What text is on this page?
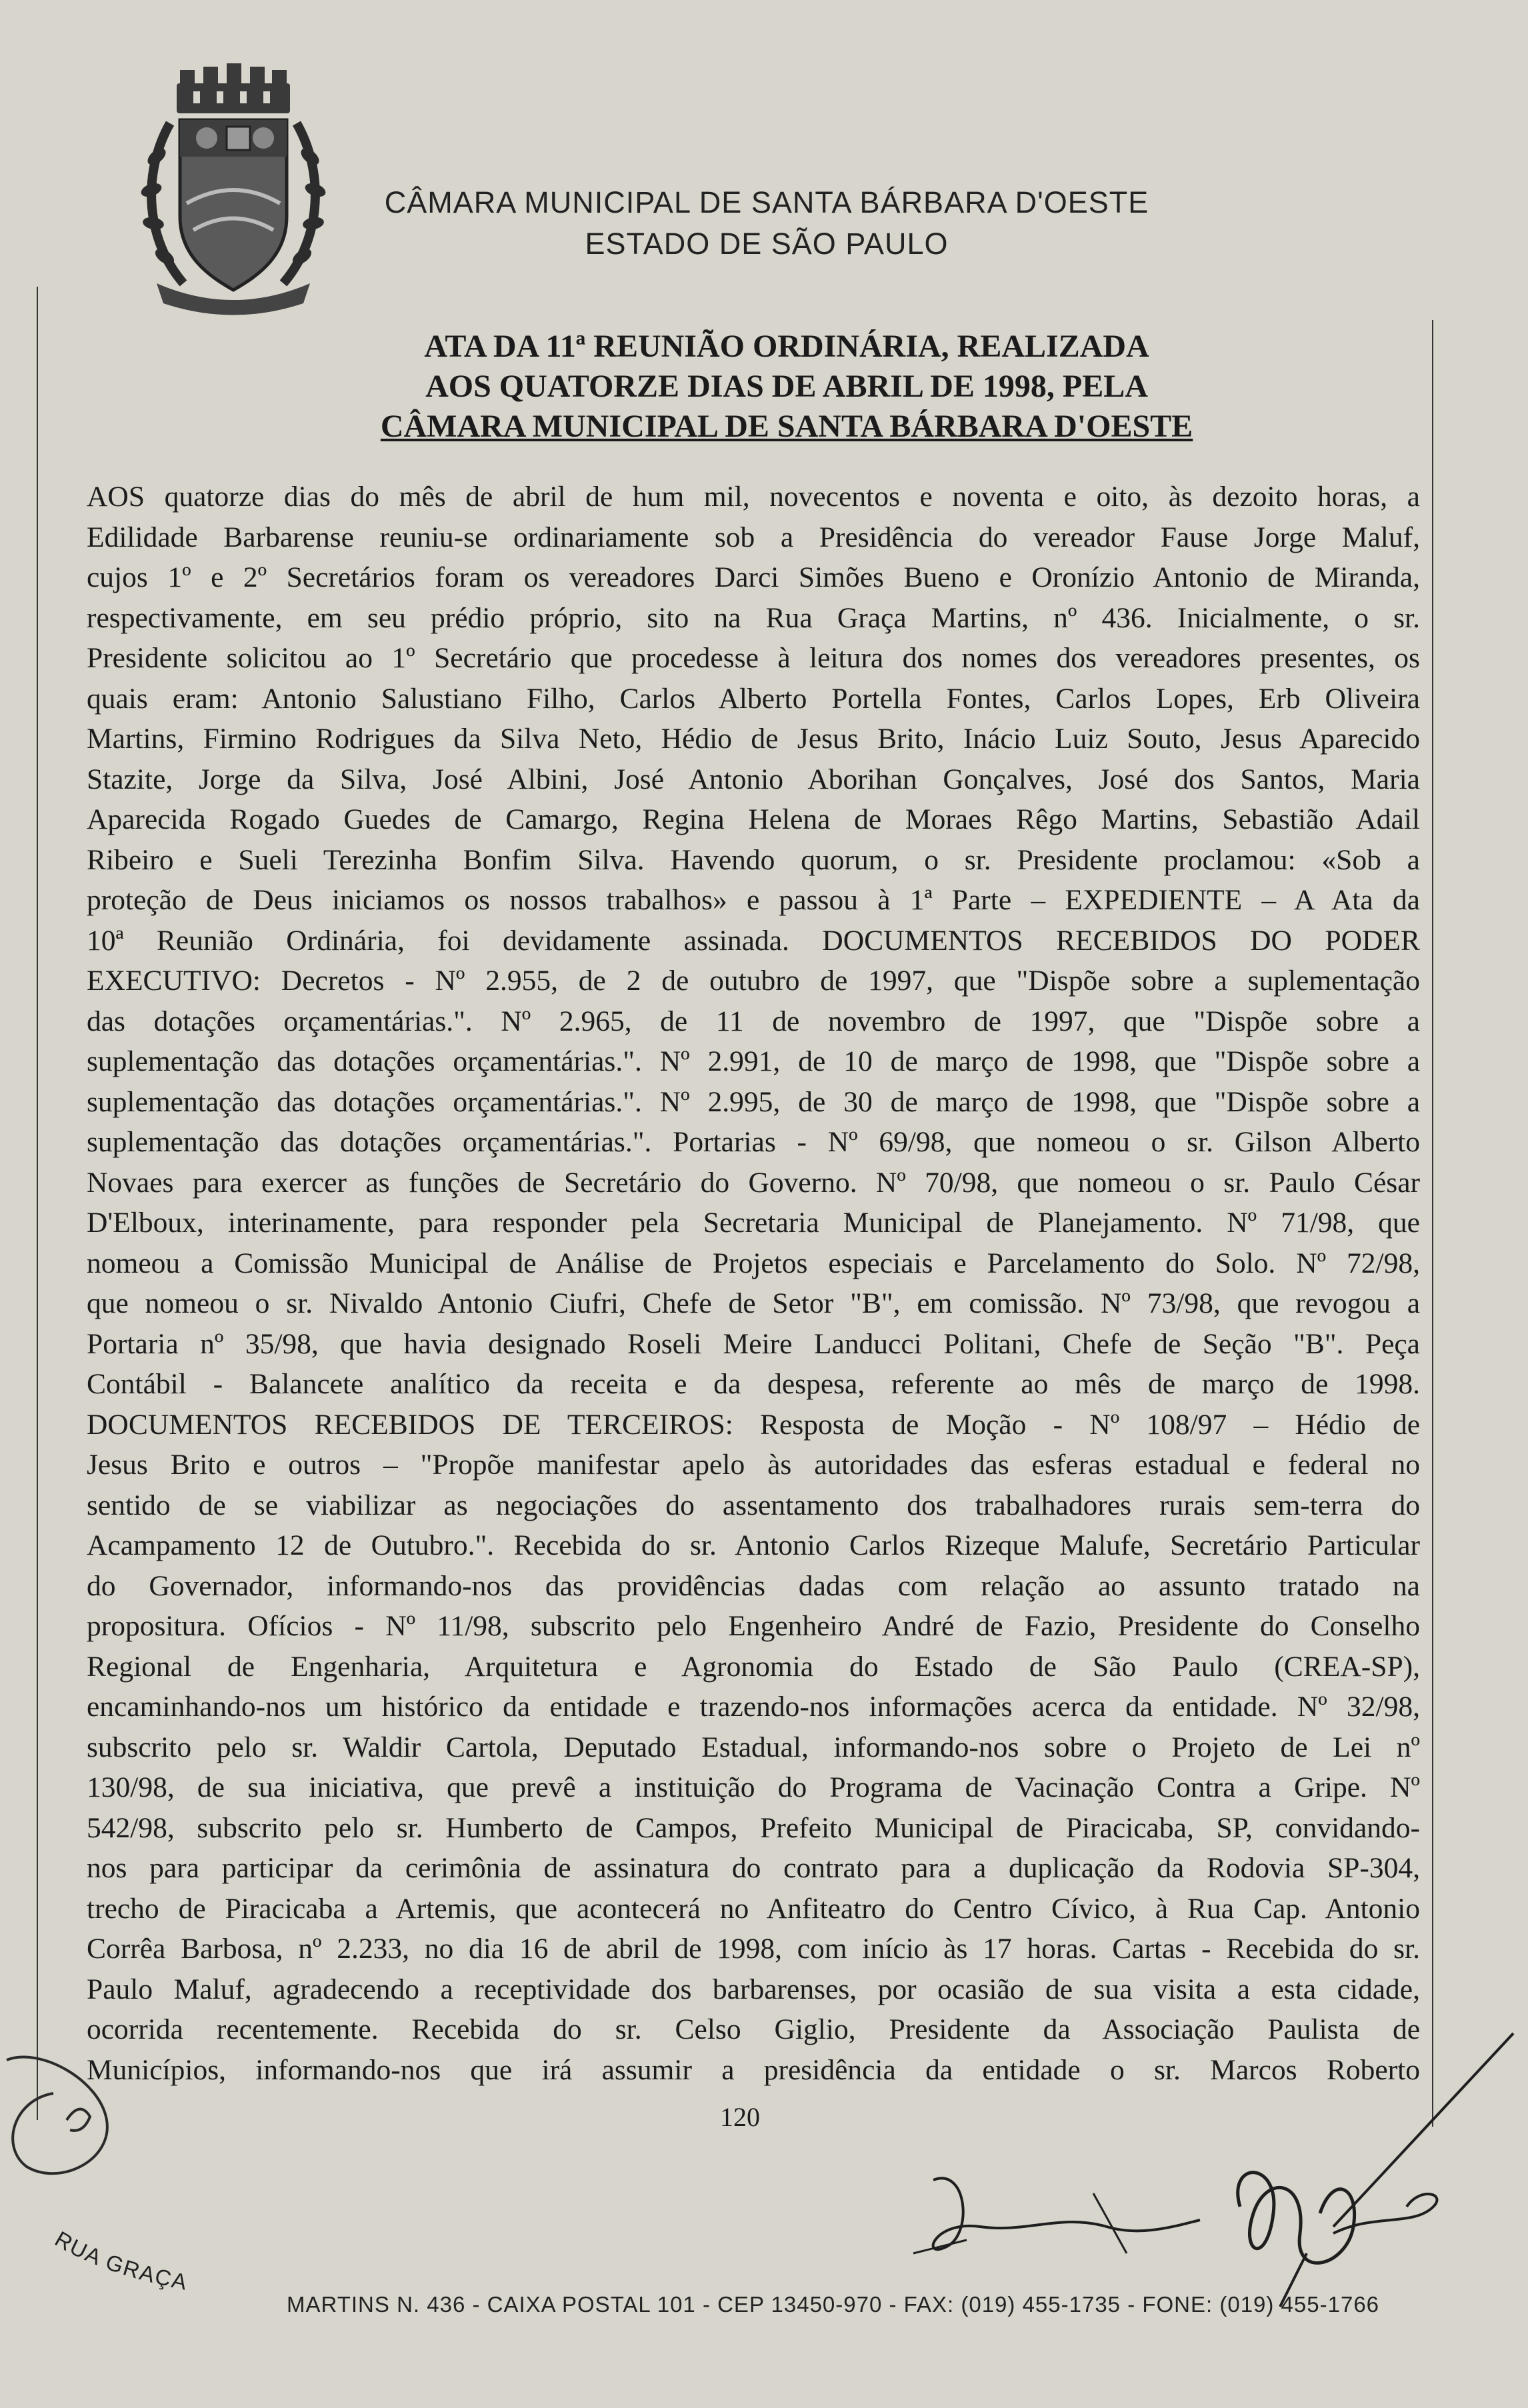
CÂMARA MUNICIPAL DE SANTA BÁRBARA D'OESTE
ESTADO DE SÃO PAULO
ATA DA 11ª REUNIÃO ORDINÁRIA, REALIZADA
AOS QUATORZE DIAS DE ABRIL DE 1998, PELA
CÂMARA MUNICIPAL DE SANTA BÁRBARA D'OESTE

AOS quatorze dias do mês de abril de hum mil, novecentos e noventa e oito, às dezoito horas, a

Edilidade Barbarense reuniu-se ordinariamente sob a Presidência do vereador Fause Jorge Maluf,

cujos 1º e 2º Secretários foram os vereadores Darci Simões Bueno e Oronízio Antonio de Miranda,

respectivamente, em seu prédio próprio, sito na Rua Graça Martins, nº 436. Inicialmente, o sr.

Presidente solicitou ao 1º Secretário que procedesse à leitura dos nomes dos vereadores presentes, os

quais eram: Antonio Salustiano Filho, Carlos Alberto Portella Fontes, Carlos Lopes, Erb Oliveira

Martins, Firmino Rodrigues da Silva Neto, Hédio de Jesus Brito, Inácio Luiz Souto, Jesus Aparecido

Stazite, Jorge da Silva, José Albini, José Antonio Aborihan Gonçalves, José dos Santos, Maria

Aparecida Rogado Guedes de Camargo, Regina Helena de Moraes Rêgo Martins, Sebastião Adail

Ribeiro e Sueli Terezinha Bonfim Silva. Havendo quorum, o sr. Presidente proclamou: «Sob a

proteção de Deus iniciamos os nossos trabalhos» e passou à 1ª Parte – EXPEDIENTE – A Ata da

10ª Reunião Ordinária, foi devidamente assinada. DOCUMENTOS RECEBIDOS DO PODER

EXECUTIVO: Decretos - Nº 2.955, de 2 de outubro de 1997, que "Dispõe sobre a suplementação

das dotações orçamentárias.". Nº 2.965, de 11 de novembro de 1997, que "Dispõe sobre a

suplementação das dotações orçamentárias.". Nº 2.991, de 10 de março de 1998, que "Dispõe sobre a

suplementação das dotações orçamentárias.". Nº 2.995, de 30 de março de 1998, que "Dispõe sobre a

suplementação das dotações orçamentárias.". Portarias - Nº 69/98, que nomeou o sr. Gilson Alberto

Novaes para exercer as funções de Secretário do Governo. Nº 70/98, que nomeou o sr. Paulo César

D'Elboux, interinamente, para responder pela Secretaria Municipal de Planejamento. Nº 71/98, que

nomeou a Comissão Municipal de Análise de Projetos especiais e Parcelamento do Solo. Nº 72/98,

que nomeou o sr. Nivaldo Antonio Ciufri, Chefe de Setor "B", em comissão. Nº 73/98, que revogou a

Portaria nº 35/98, que havia designado Roseli Meire Landucci Politani, Chefe de Seção "B". Peça

Contábil - Balancete analítico da receita e da despesa, referente ao mês de março de 1998.

DOCUMENTOS RECEBIDOS DE TERCEIROS: Resposta de Moção - Nº 108/97 – Hédio de

Jesus Brito e outros – "Propõe manifestar apelo às autoridades das esferas estadual e federal no

sentido de se viabilizar as negociações do assentamento dos trabalhadores rurais sem-terra do

Acampamento 12 de Outubro.". Recebida do sr. Antonio Carlos Rizeque Malufe, Secretário Particular

do Governador, informando-nos das providências dadas com relação ao assunto tratado na

propositura. Ofícios - Nº 11/98, subscrito pelo Engenheiro André de Fazio, Presidente do Conselho

Regional de Engenharia, Arquitetura e Agronomia do Estado de São Paulo (CREA-SP),

encaminhando-nos um histórico da entidade e trazendo-nos informações acerca da entidade. Nº 32/98,

subscrito pelo sr. Waldir Cartola, Deputado Estadual, informando-nos sobre o Projeto de Lei nº

130/98, de sua iniciativa, que prevê a instituição do Programa de Vacinação Contra a Gripe. Nº

542/98, subscrito pelo sr. Humberto de Campos, Prefeito Municipal de Piracicaba, SP, convidando-

nos para participar da cerimônia de assinatura do contrato para a duplicação da Rodovia SP-304,

trecho de Piracicaba a Artemis, que acontecerá no Anfiteatro do Centro Cívico, à Rua Cap. Antonio

Corrêa Barbosa, nº 2.233, no dia 16 de abril de 1998, com início às 17 horas. Cartas - Recebida do sr.

Paulo Maluf, agradecendo a receptividade dos barbarenses, por ocasião de sua visita a esta cidade,

ocorrida recentemente. Recebida do sr. Celso Giglio, Presidente da Associação Paulista de

Municípios, informando-nos que irá assumir a presidência da entidade o sr. Marcos Roberto

120
RUA GRAÇA
MARTINS N. 436 - CAIXA POSTAL 101 - CEP 13450-970 - FAX: (019) 455-1735 - FONE: (019) 455-1766
